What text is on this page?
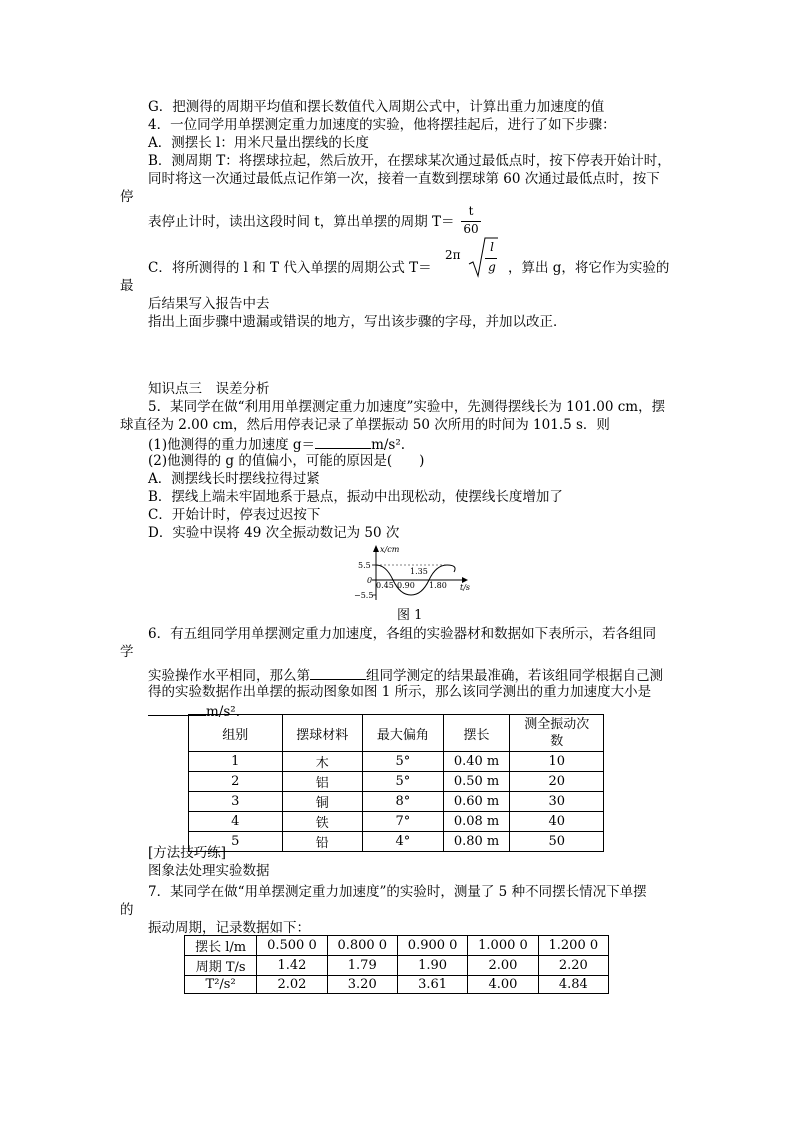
G．把测得的周期平均值和摆长数值代入周期公式中，计算出重力加速度的值
4．一位同学用单摆测定重力加速度的实验，他将摆挂起后，进行了如下步骤：
A．测摆长 l：用米尺量出摆线的长度
B．测周期 T：将摆球拉起，然后放开，在摆球某次通过最低点时，按下停表开始计时，
同时将这一次通过最低点记作第一次，接着一直数到摆球第 60 次通过最低点时，按下
停
表停止计时，读出这段时间 t，算出单摆的周期 T＝
t
60
C．将所测得的 l 和 T 代入单摆的周期公式 T＝
2π
l
g ，算出 g，将它作为实验的
最
后结果写入报告中去
指出上面步骤中遗漏或错误的地方，写出该步骤的字母，并加以改正．
知识点三　误差分析
5．某同学在做“利用用单摆测定重力加速度”实验中，先测得摆线长为 101.00 cm，摆
球直径为 2.00 cm，然后用停表记录了单摆振动 50 次所用的时间为 101.5 s．则
(1)他测得的重力加速度 g＝	m/s².
(2)他测得的 g 的值偏小，可能的原因是(　　)
A．测摆线长时摆线拉得过紧
B．摆线上端未牢固地系于悬点，振动中出现松动，使摆线长度增加了
C．开始计时，停表过迟按下
D．实验中误将 49 次全振动数记为 50 次
x/cm
t/s
5.5
−5.5
0
0.45 0.90
1.35
1.80
图 1
6．有五组同学用单摆测定重力加速度，各组的实验器材和数据如下表所示，若各组同
学
实验操作水平相同，那么第	组同学测定的结果最准确，若该组同学根据自己测
得的实验数据作出单摆的振动图象如图 1 所示，那么该同学测出的重力加速度大小是
m/s².
组别	摆球材料	最大偏角	摆长	测全振动次
数
1	木	5°	0.40 m	10
2	铝	5°	0.50 m	20
3	铜	8°	0.60 m	30
4	铁	7°	0.08 m	40
5	铅	4°	0.80 m	50
[方法技巧练]
图象法处理实验数据
7．某同学在做“用单摆测定重力加速度”的实验时，测量了 5 种不同摆长情况下单摆
的
振动周期，记录数据如下：
摆长 l/m	0.500 0	0.800 0	0.900 0	1.000 0	1.200 0
周期 T/s	1.42	1.79	1.90	2.00	2.20
T²/s²	2.02	3.20	3.61	4.00	4.84
